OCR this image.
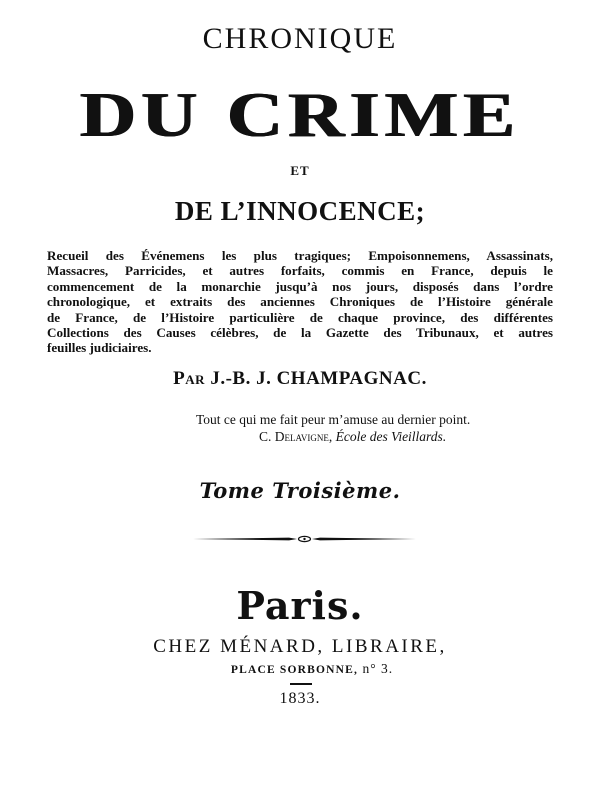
CHRONIQUE
DU CRIME
ET
DE L’INNOCENCE;
Recueil des Événemens les plus tragiques; Empoisonnemens, Assassinats,
Massacres, Parricides, et autres forfaits, commis en France, depuis le
commencement de la monarchie jusqu’à nos jours, disposés dans l’ordre
chronologique, et extraits des anciennes Chroniques de l’Histoire générale
de France, de l’Histoire particulière de chaque province, des différentes
Collections des Causes célèbres, de la Gazette des Tribunaux, et autres
feuilles judiciaires.
Par J.-B. J. CHAMPAGNAC.
Tout ce qui me fait peur m’amuse au dernier point.
C. Delavigne, École des Vieillards.
Tome Troisième.
Paris.
CHEZ MÉNARD, LIBRAIRE,
PLACE SORBONNE, n° 3.
1833.
